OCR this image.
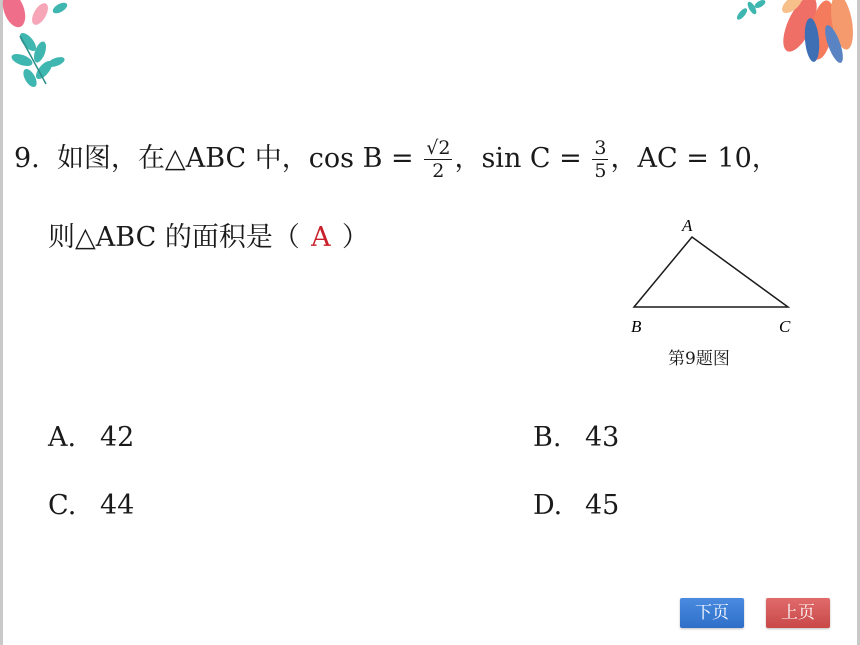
9. 如图，在△ABC 中，$\cos B = \frac{√2}{2}$ ，$\sin C = \frac{3}{5}$ ，AC = 10，
则△ABC 的面积是（ A ）	A
B	C
第9题图
A. 42	B. 43
C. 44	D. 45
下页	上页
